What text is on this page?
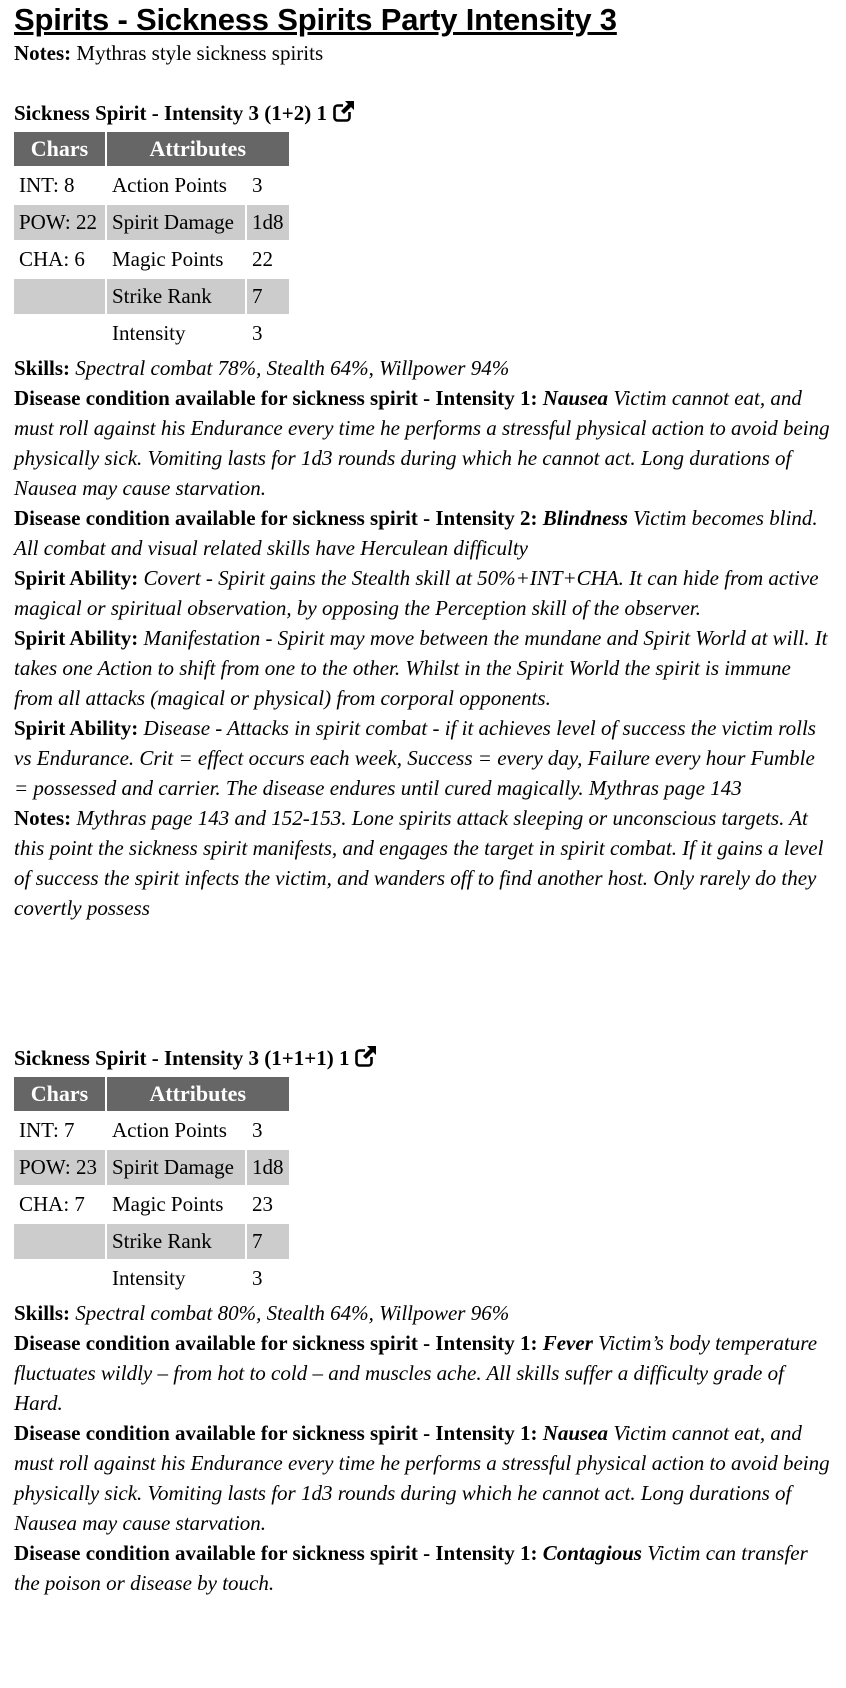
Spirits - Sickness Spirits Party Intensity 3
Notes: Mythras style sickness spirits
Sickness Spirit - Intensity 3 (1+2) 1
Chars	Attributes	
INT: 8	Action Points	3
POW: 22	Spirit Damage	1d8
CHA: 6	Magic Points	22
	Strike Rank	7
	Intensity	3
Skills: Spectral combat 78%, Stealth 64%, Willpower 94%

Disease condition available for sickness spirit - Intensity 1: Nausea Victim cannot eat, and must roll against his Endurance every time he performs a stressful physical action to avoid being physically sick. Vomiting lasts for 1d3 rounds during which he cannot act. Long durations of Nausea may cause starvation.

Disease condition available for sickness spirit - Intensity 2: Blindness Victim becomes blind. All combat and visual related skills have Herculean difficulty

Spirit Ability: Covert - Spirit gains the Stealth skill at 50%+INT+CHA. It can hide from active magical or spiritual observation, by opposing the Perception skill of the observer.

Spirit Ability: Manifestation - Spirit may move between the mundane and Spirit World at will. It takes one Action to shift from one to the other. Whilst in the Spirit World the spirit is immune from all attacks (magical or physical) from corporal opponents.

Spirit Ability: Disease - Attacks in spirit combat - if it achieves level of success the victim rolls vs Endurance. Crit = effect occurs each week, Success = every day, Failure every hour Fumble = possessed and carrier. The disease endures until cured magically. Mythras page 143

Notes: Mythras page 143 and 152-153. Lone spirits attack sleeping or unconscious targets. At this point the sickness spirit manifests, and engages the target in spirit combat. If it gains a level of success the spirit infects the victim, and wanders off to find another host. Only rarely do they covertly possess

Sickness Spirit - Intensity 3 (1+1+1) 1
Chars	Attributes	
INT: 7	Action Points	3
POW: 23	Spirit Damage	1d8
CHA: 7	Magic Points	23
	Strike Rank	7
	Intensity	3
Skills: Spectral combat 80%, Stealth 64%, Willpower 96%

Disease condition available for sickness spirit - Intensity 1: Fever Victim’s body temperature fluctuates wildly – from hot to cold – and muscles ache. All skills suffer a difficulty grade of Hard.

Disease condition available for sickness spirit - Intensity 1: Nausea Victim cannot eat, and must roll against his Endurance every time he performs a stressful physical action to avoid being physically sick. Vomiting lasts for 1d3 rounds during which he cannot act. Long durations of Nausea may cause starvation.

Disease condition available for sickness spirit - Intensity 1: Contagious Victim can transfer the poison or disease by touch.
